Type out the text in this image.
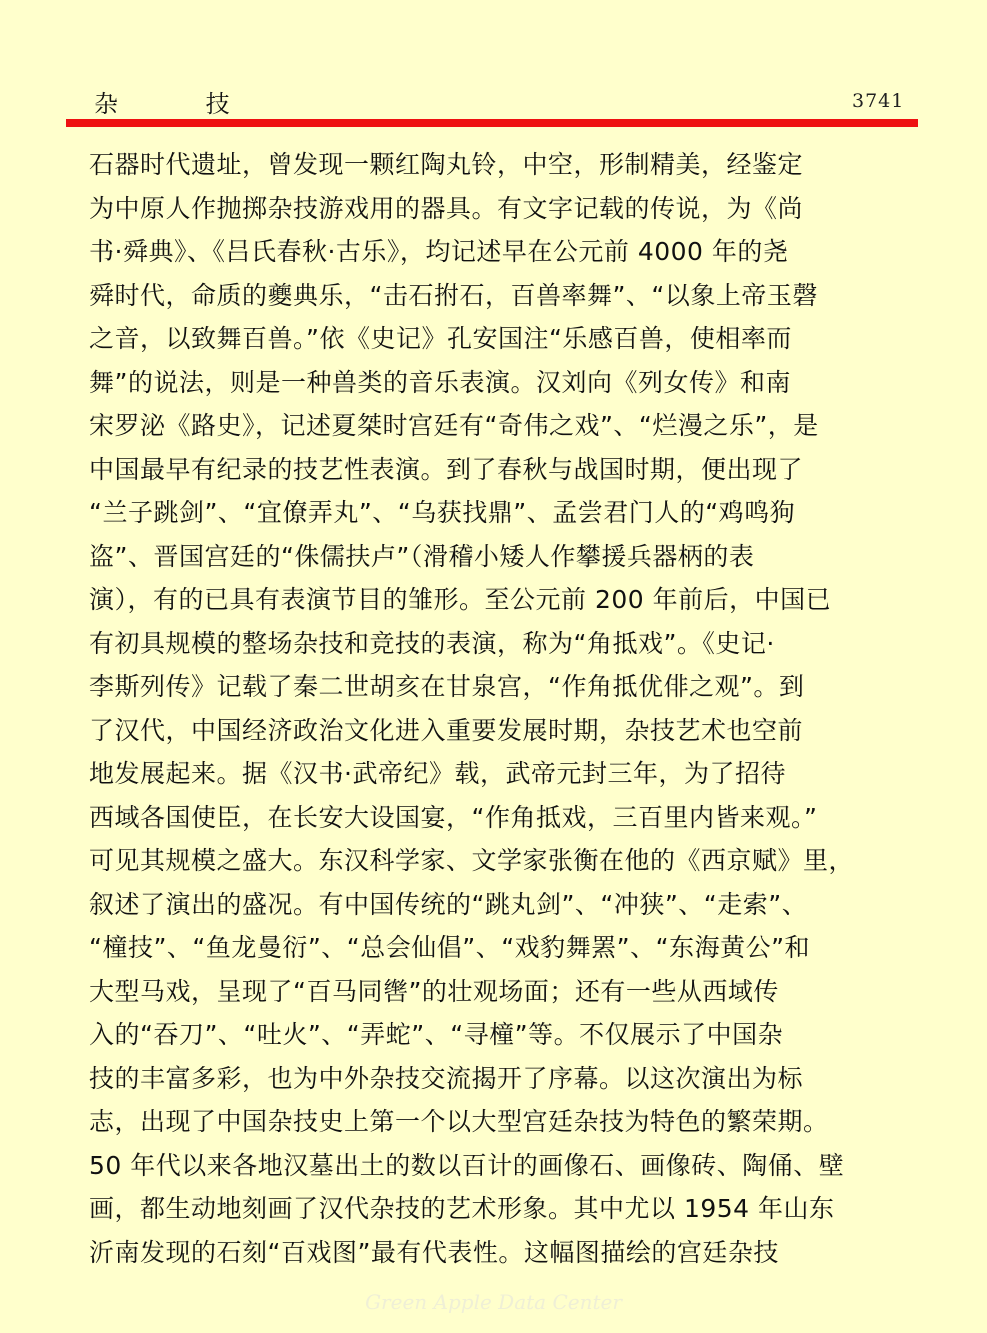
杂 技	3741
石器时代遗址，曾发现一颗红陶丸铃，中空，形制精美，经鉴定
为中原人作抛掷杂技游戏用的器具。有文字记载的传说，为《尚
书·舜典》、《吕氏春秋·古乐》，均记述早在公元前 4000 年的尧
舜时代，命质的夔典乐，“击石拊石，百兽率舞”、“以象上帝玉磬
之音，以致舞百兽。”依《史记》孔安国注“乐感百兽，使相率而
舞”的说法，则是一种兽类的音乐表演。汉刘向《列女传》和南
宋罗泌《路史》，记述夏桀时宫廷有“奇伟之戏”、“烂漫之乐”，是
中国最早有纪录的技艺性表演。到了春秋与战国时期，便出现了
“兰子跳剑”、“宜僚弄丸”、“乌获找鼎”、孟尝君门人的“鸡鸣狗
盗”、晋国宫廷的“侏儒扶卢”（滑稽小矮人作攀援兵器柄的表
演），有的已具有表演节目的雏形。至公元前 200 年前后，中国已
有初具规模的整场杂技和竞技的表演，称为“角抵戏”。《史记·
李斯列传》记载了秦二世胡亥在甘泉宫，“作角抵优俳之观”。到
了汉代，中国经济政治文化进入重要发展时期，杂技艺术也空前
地发展起来。据《汉书·武帝纪》载，武帝元封三年，为了招待
西域各国使臣，在长安大设国宴，“作角抵戏，三百里内皆来观。”
可见其规模之盛大。东汉科学家、文学家张衡在他的《西京赋》里，
叙述了演出的盛况。有中国传统的“跳丸剑”、“冲狭”、“走索”、
“橦技”、“鱼龙曼衍”、“总会仙倡”、“戏豹舞罴”、“东海黄公”和
大型马戏，呈现了“百马同辔”的壮观场面；还有一些从西域传
入的“吞刀”、“吐火”、“弄蛇”、“寻橦”等。不仅展示了中国杂
技的丰富多彩，也为中外杂技交流揭开了序幕。以这次演出为标
志，出现了中国杂技史上第一个以大型宫廷杂技为特色的繁荣期。
50 年代以来各地汉墓出土的数以百计的画像石、画像砖、陶俑、壁
画，都生动地刻画了汉代杂技的艺术形象。其中尤以 1954 年山东
沂南发现的石刻“百戏图”最有代表性。这幅图描绘的宫廷杂技
Green Apple Data Center
